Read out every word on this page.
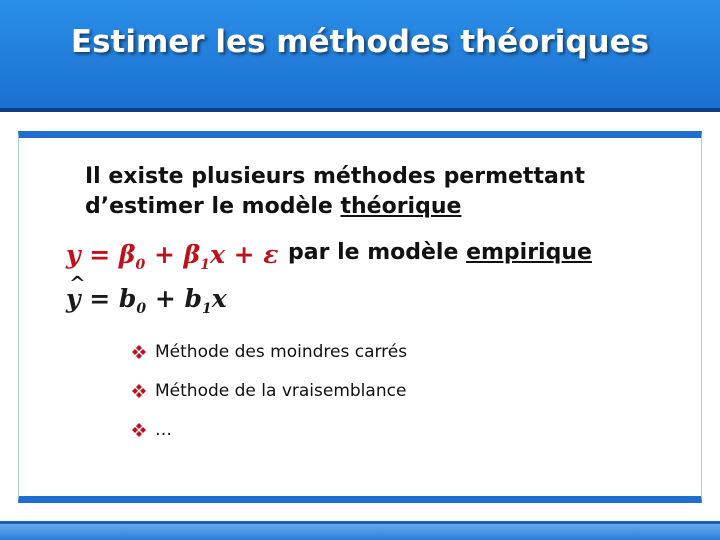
Estimer les méthodes théoriques
Il existe plusieurs méthodes permettant
d’estimer le modèle théorique
par le modèle empirique
$y = \beta_0 + \beta_1x + \varepsilon$
^ $y = b_0 + b_1x$
Méthode des moindres carrés
Méthode de la vraisemblance
…
